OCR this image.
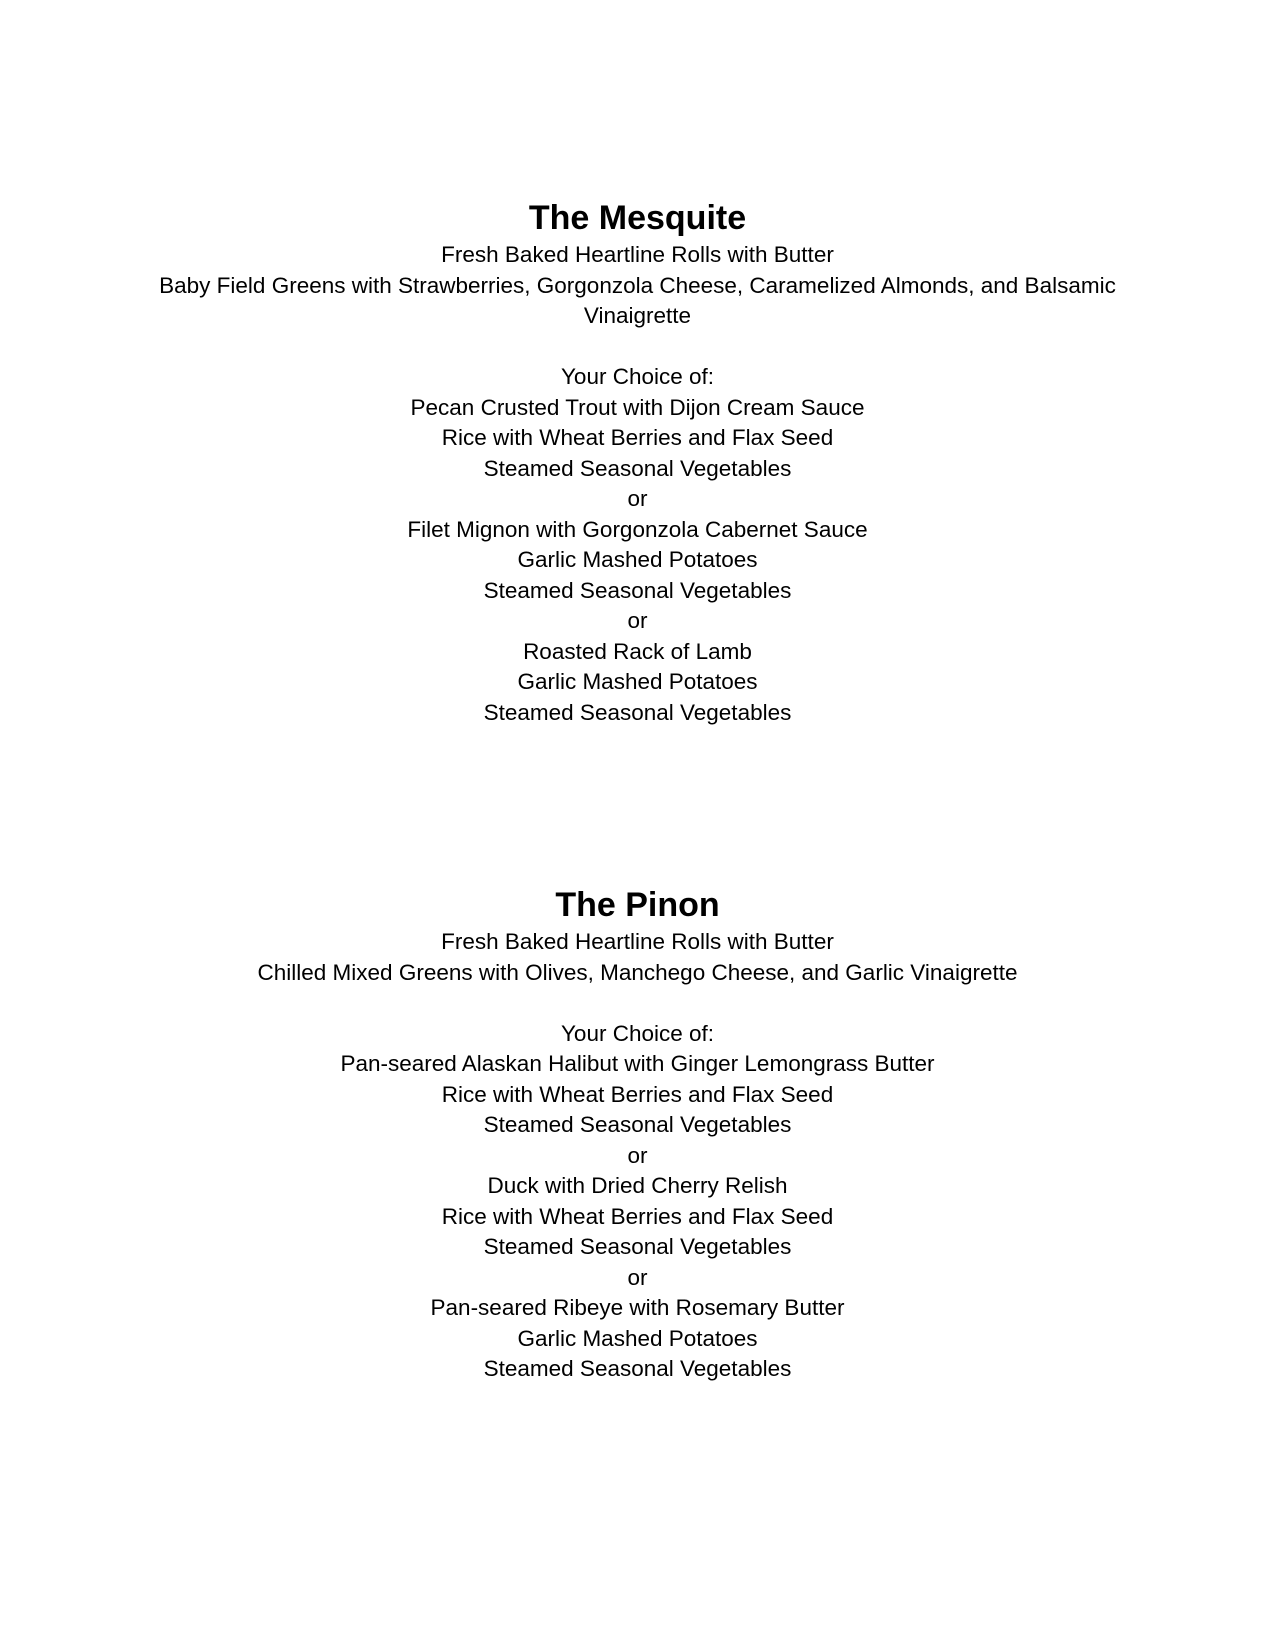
The Mesquite

Fresh Baked Heartline Rolls with Butter

Baby Field Greens with Strawberries, Gorgonzola Cheese, Caramelized Almonds, and Balsamic Vinaigrette

Your Choice of:

Pecan Crusted Trout with Dijon Cream Sauce

Rice with Wheat Berries and Flax Seed

Steamed Seasonal Vegetables

or

Filet Mignon with Gorgonzola Cabernet Sauce

Garlic Mashed Potatoes

Steamed Seasonal Vegetables

or

Roasted Rack of Lamb

Garlic Mashed Potatoes

Steamed Seasonal Vegetables

The Pinon

Fresh Baked Heartline Rolls with Butter

Chilled Mixed Greens with Olives, Manchego Cheese, and Garlic Vinaigrette

Your Choice of:

Pan-seared Alaskan Halibut with Ginger Lemongrass Butter

Rice with Wheat Berries and Flax Seed

Steamed Seasonal Vegetables

or

Duck with Dried Cherry Relish

Rice with Wheat Berries and Flax Seed

Steamed Seasonal Vegetables

or

Pan-seared Ribeye with Rosemary Butter

Garlic Mashed Potatoes

Steamed Seasonal Vegetables
